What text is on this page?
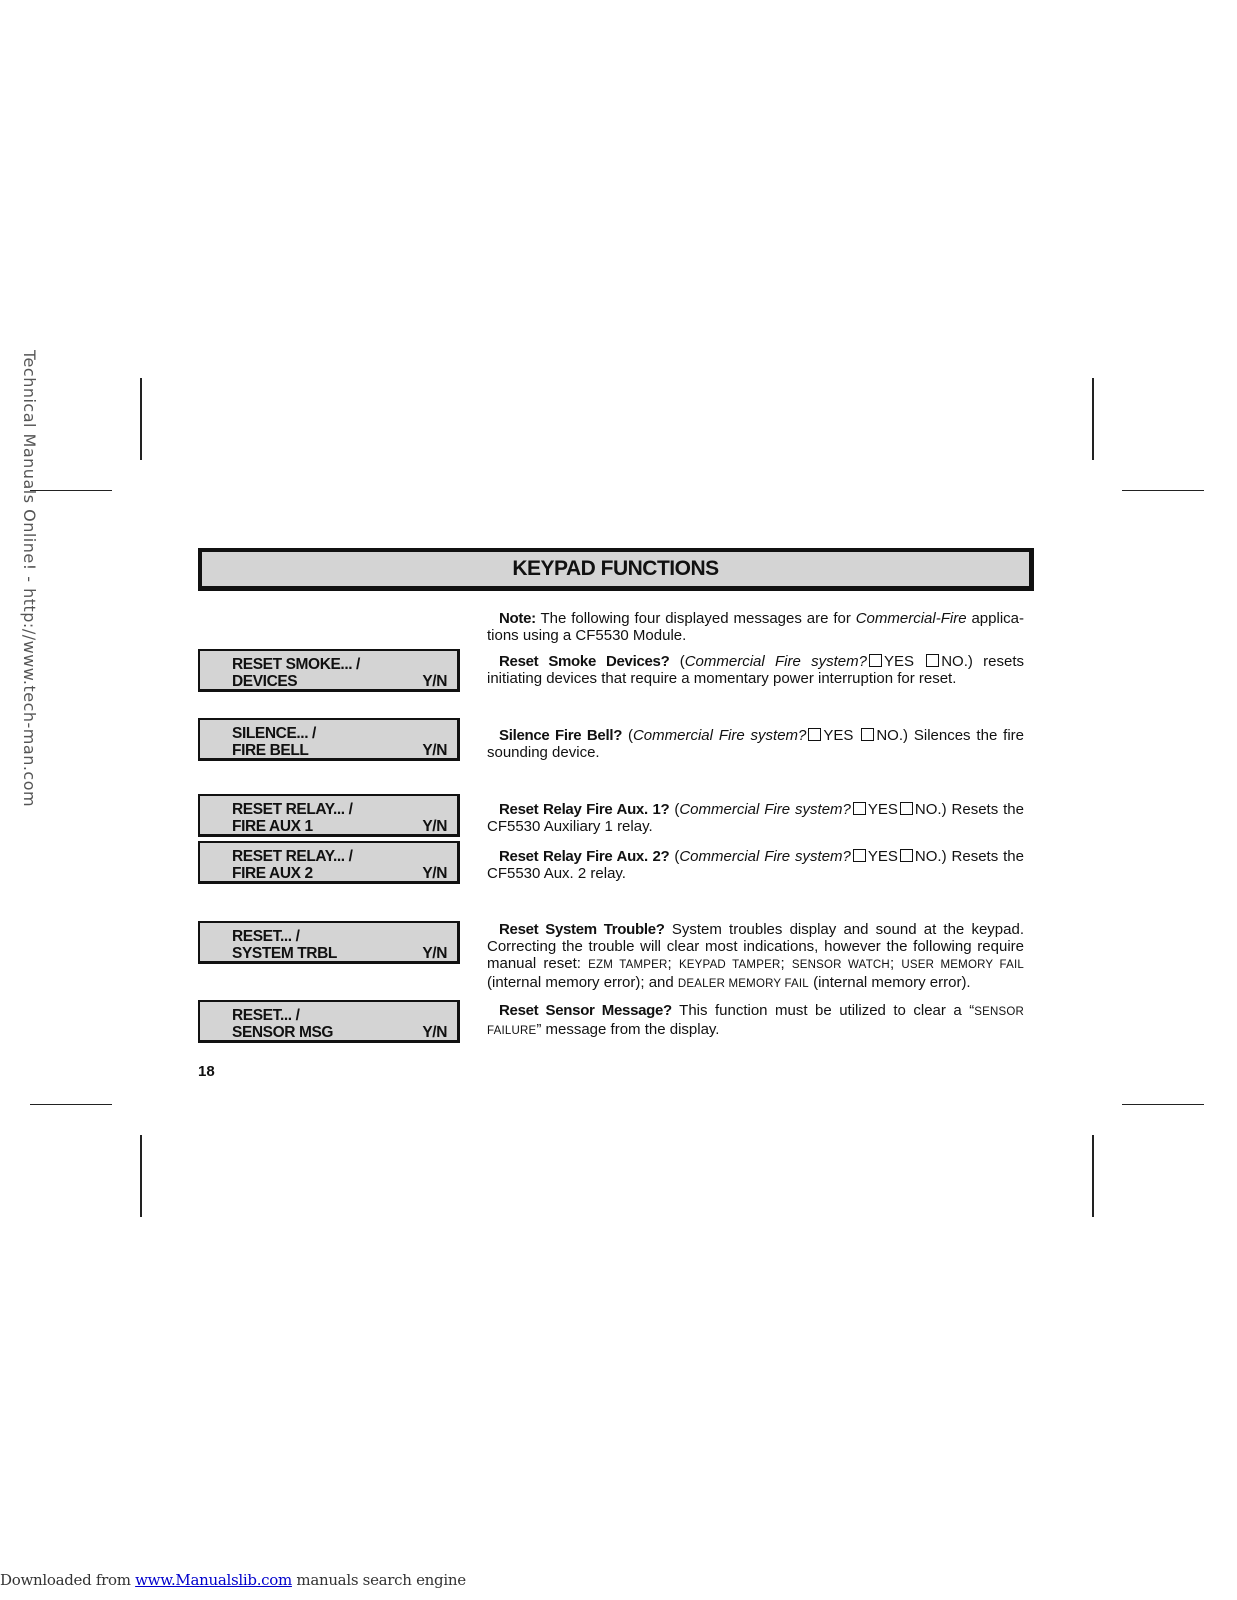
Technical Manuals Online! - http://www.tech-man.com	KEYPAD FUNCTIONS
RESET SMOKE... /
DEVICES	Y/N
SILENCE... /
FIRE BELL	Y/N
RESET RELAY... /
FIRE AUX 1	Y/N
RESET RELAY... /
FIRE AUX 2	Y/N
RESET... /
SYSTEM TRBL	Y/N
RESET... /
SENSOR MSG	Y/N
Note: The following four displayed messages are for Commercial-Fire applica-tions using a CF5530 Module.
Reset Smoke Devices? (Commercial Fire system? YES NO.) resets initiating devices that require a momentary power interruption for reset.
Silence Fire Bell? (Commercial Fire system? YES NO.) Silences the fire sounding device.
Reset Relay Fire Aux. 1? (Commercial Fire system? YES NO.) Resets the CF5530 Auxiliary 1 relay.
Reset Relay Fire Aux. 2? (Commercial Fire system? YES NO.) Resets the CF5530 Aux. 2 relay.
Reset System Trouble? System troubles display and sound at the keypad. Correcting the trouble will clear most indications, however the following require manual reset: EZM TAMPER; KEYPAD TAMPER; SENSOR WATCH; USER MEMORY FAIL (internal memory error); and DEALER MEMORY FAIL (internal memory error).
Reset Sensor Message? This function must be utilized to clear a “SENSOR FAILURE” message from the display.
18
Downloaded from www.Manualslib.com manuals search engine
